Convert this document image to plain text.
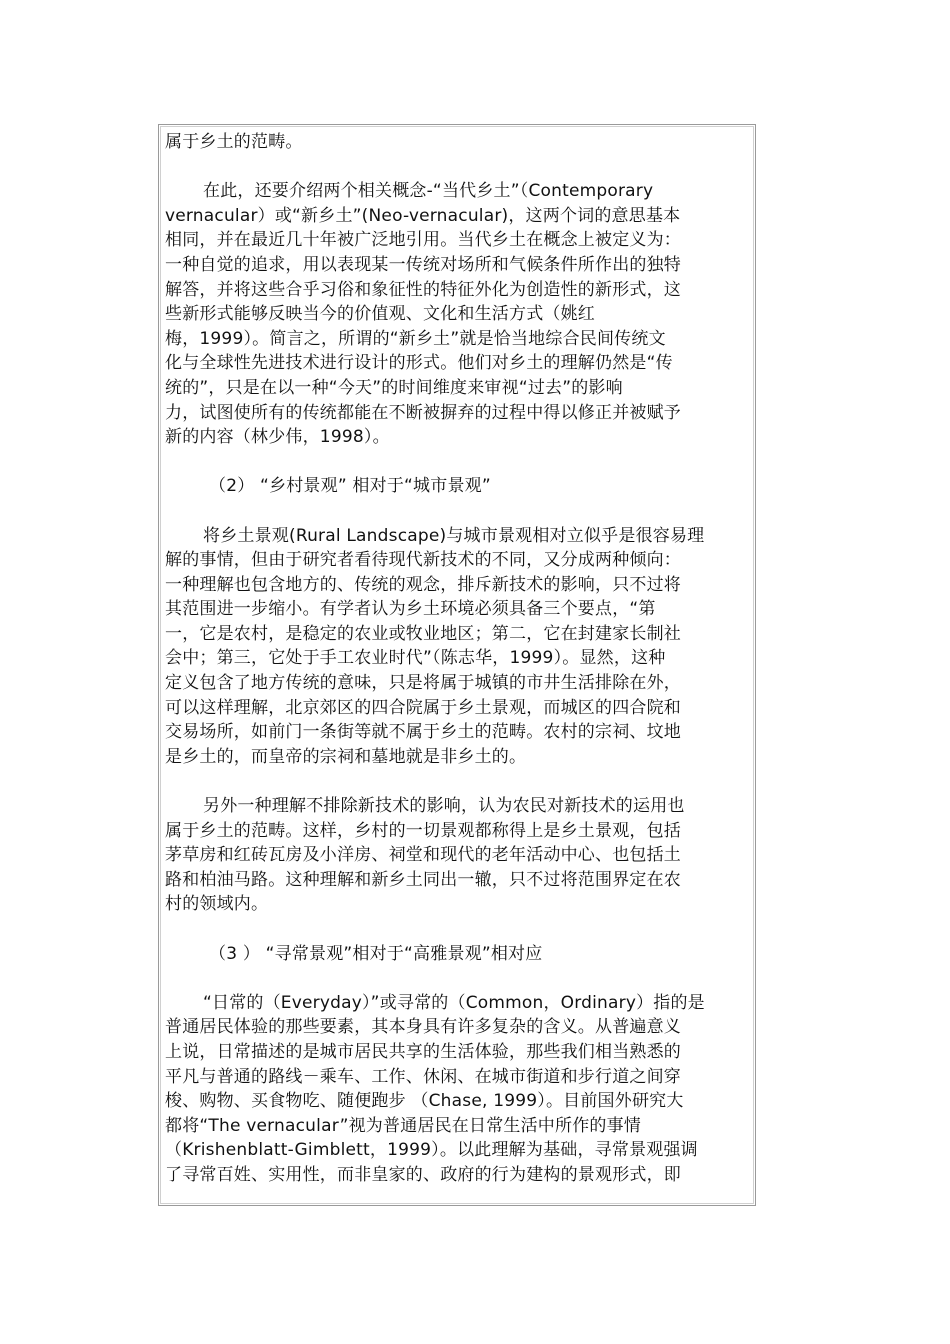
属于乡土的范畴。
在此，还要介绍两个相关概念-“当代乡土”（Contemporary
vernacular）或“新乡土”(Neo-vernacular)，这两个词的意思基本
相同，并在最近几十年被广泛地引用。当代乡土在概念上被定义为：
一种自觉的追求，用以表现某一传统对场所和气候条件所作出的独特
解答，并将这些合乎习俗和象征性的特征外化为创造性的新形式，这
些新形式能够反映当今的价值观、文化和生活方式（姚红
梅，1999）。简言之，所谓的“新乡土”就是恰当地综合民间传统文
化与全球性先进技术进行设计的形式。他们对乡土的理解仍然是“传
统的”，只是在以一种“今天”的时间维度来审视“过去”的影响
力，试图使所有的传统都能在不断被摒弃的过程中得以修正并被赋予
新的内容（林少伟，1998）。
（2） “乡村景观” 相对于“城市景观”
将乡土景观(Rural Landscape)与城市景观相对立似乎是很容易理
解的事情，但由于研究者看待现代新技术的不同，又分成两种倾向：
一种理解也包含地方的、传统的观念，排斥新技术的影响，只不过将
其范围进一步缩小。有学者认为乡土环境必须具备三个要点，“第
一，它是农村，是稳定的农业或牧业地区；第二，它在封建家长制社
会中；第三，它处于手工农业时代”（陈志华，1999）。显然，这种
定义包含了地方传统的意味，只是将属于城镇的市井生活排除在外，
可以这样理解，北京郊区的四合院属于乡土景观，而城区的四合院和
交易场所，如前门一条街等就不属于乡土的范畴。农村的宗祠、坟地
是乡土的，而皇帝的宗祠和墓地就是非乡土的。
另外一种理解不排除新技术的影响，认为农民对新技术的运用也
属于乡土的范畴。这样，乡村的一切景观都称得上是乡土景观，包括
茅草房和红砖瓦房及小洋房、祠堂和现代的老年活动中心、也包括土
路和柏油马路。这种理解和新乡土同出一辙，只不过将范围界定在农
村的领域内。
（3 ） “寻常景观”相对于“高雅景观”相对应
“日常的（Everyday）”或寻常的（Common，Ordinary）指的是
普通居民体验的那些要素，其本身具有许多复杂的含义。从普遍意义
上说，日常描述的是城市居民共享的生活体验，那些我们相当熟悉的
平凡与普通的路线－乘车、工作、休闲、在城市街道和步行道之间穿
梭、购物、买食物吃、随便跑步 （Chase, 1999）。目前国外研究大
都将“The vernacular”视为普通居民在日常生活中所作的事情
（Krishenblatt-Gimblett，1999）。以此理解为基础，寻常景观强调
了寻常百姓、实用性，而非皇家的、政府的行为建构的景观形式，即
